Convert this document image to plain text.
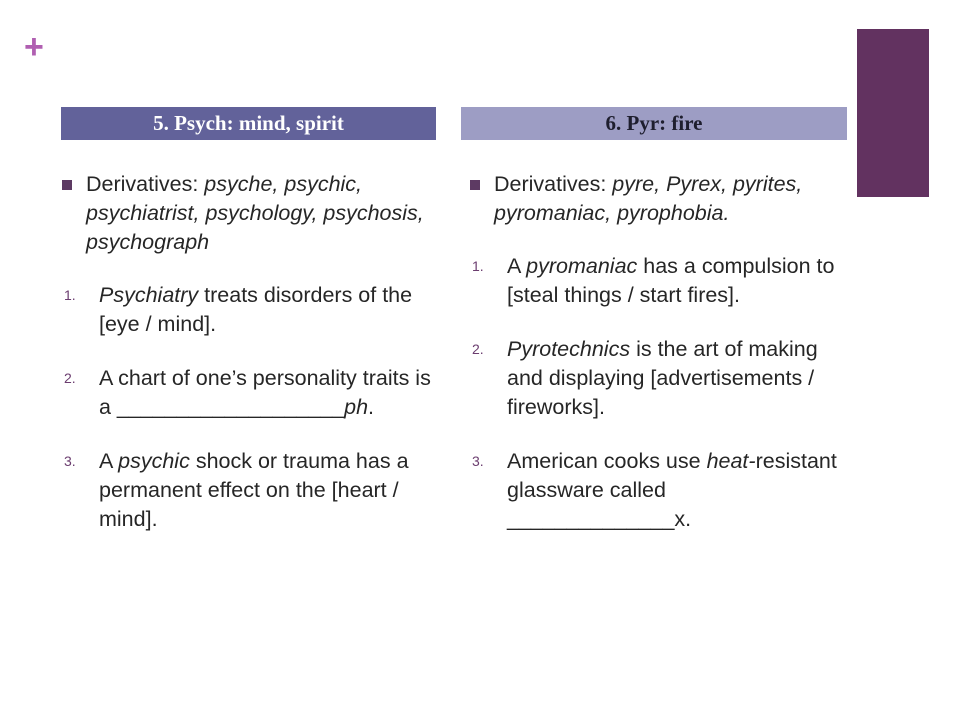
+
5. Psych: mind, spirit	6. Pyr: fire
Derivatives: psyche, psychic, psychiatrist, psychology, psychosis, psychograph
1. Psychiatry treats disorders of the [eye / mind].
2. A chart of one’s personality traits is a ___________________ph.
3. A psychic shock or trauma has a permanent effect on the [heart / mind].
Derivatives: pyre, Pyrex, pyrites, pyromaniac, pyrophobia.
1. A pyromaniac has a compulsion to [steal things / start fires].
2. Pyrotechnics is the art of making and displaying [advertisements / fireworks].
3. American cooks use heat-resistant glassware called ______________x.
